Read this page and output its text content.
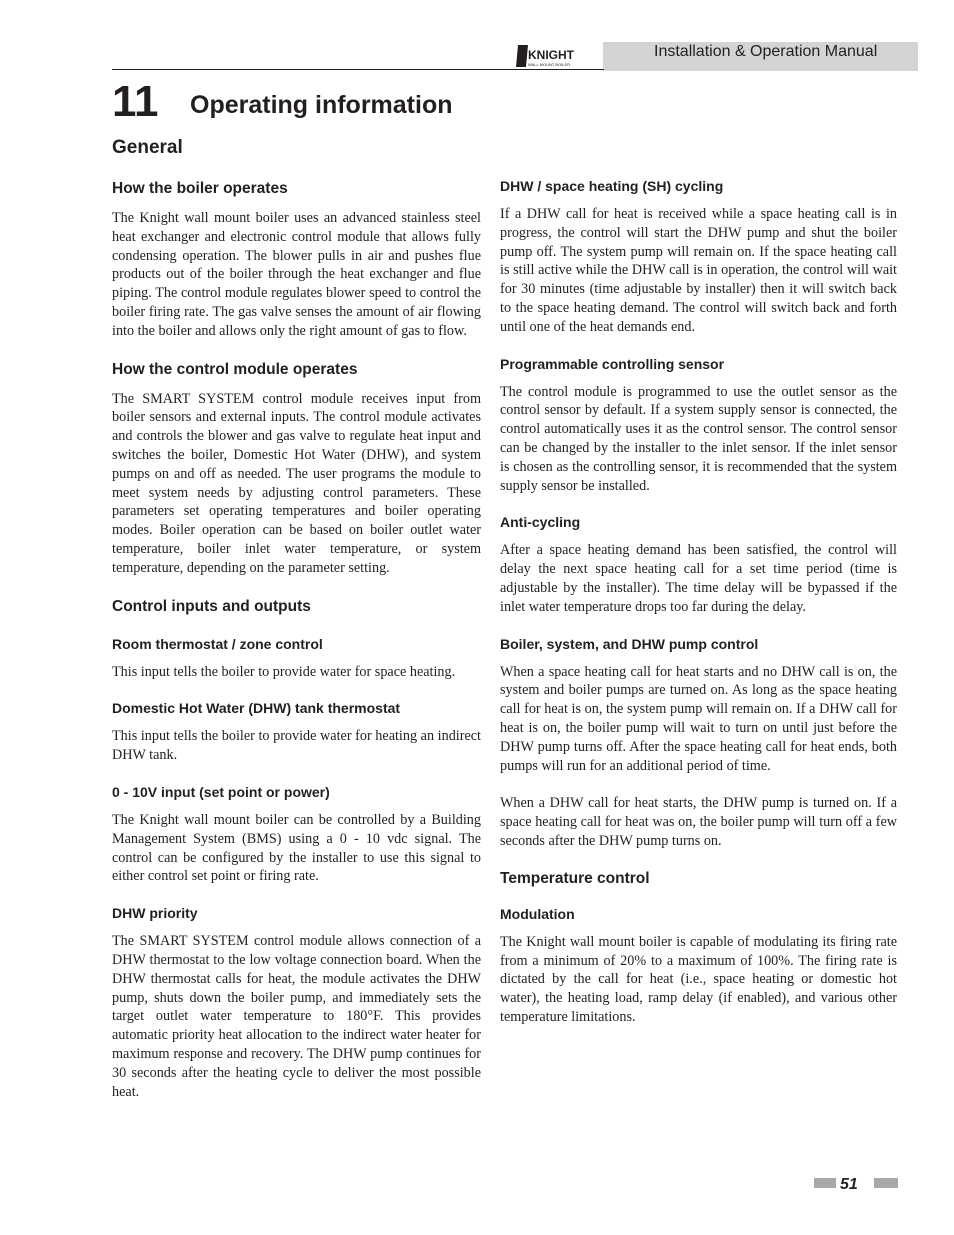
KNIGHT
WALL MOUNT BOILER
Installation & Operation Manual
11 Operating information
General
How the boiler operates

The Knight wall mount boiler uses an advanced stainless steel heat exchanger and electronic control module that allows fully condensing operation. The blower pulls in air and pushes flue products out of the boiler through the heat exchanger and flue piping. The control module regulates blower speed to control the boiler firing rate. The gas valve senses the amount of air flowing into the boiler and allows only the right amount of gas to flow.

How the control module operates

The SMART SYSTEM control module receives input from boiler sensors and external inputs. The control module activates and controls the blower and gas valve to regulate heat input and switches the boiler, Domestic Hot Water (DHW), and system pumps on and off as needed. The user programs the module to meet system needs by adjusting control parameters. These parameters set operating temperatures and boiler operating modes. Boiler operation can be based on boiler outlet water temperature, boiler inlet water temperature, or system temperature, depending on the parameter setting.

Control inputs and outputs
Room thermostat / zone control

This input tells the boiler to provide water for space heating.

Domestic Hot Water (DHW) tank thermostat

This input tells the boiler to provide water for heating an indirect DHW tank.

0 - 10V input (set point or power)

The Knight wall mount boiler can be controlled by a Building Management System (BMS) using a 0 - 10 vdc signal. The control can be configured by the installer to use this signal to either control set point or firing rate.

DHW priority

The SMART SYSTEM control module allows connection of a DHW thermostat to the low voltage connection board. When the DHW thermostat calls for heat, the module activates the DHW pump, shuts down the boiler pump, and immediately sets the target outlet water temperature to 180°F. This provides automatic priority heat allocation to the indirect water heater for maximum response and recovery. The DHW pump continues for 30 seconds after the heating cycle to deliver the most possible heat.

DHW / space heating (SH) cycling

If a DHW call for heat is received while a space heating call is in progress, the control will start the DHW pump and shut the boiler pump off. The system pump will remain on. If the space heating call is still active while the DHW call is in operation, the control will wait for 30 minutes (time adjustable by installer) then it will switch back to the space heating demand. The control will switch back and forth until one of the heat demands end.

Programmable controlling sensor

The control module is programmed to use the outlet sensor as the control sensor by default. If a system supply sensor is connected, the control automatically uses it as the control sensor. The control sensor can be changed by the installer to the inlet sensor. If the inlet sensor is chosen as the controlling sensor, it is recommended that the system supply sensor be installed.

Anti-cycling

After a space heating demand has been satisfied, the control will delay the next space heating call for a set time period (time is adjustable by the installer). The time delay will be bypassed if the inlet water temperature drops too far during the delay.

Boiler, system, and DHW pump control

When a space heating call for heat starts and no DHW call is on, the system and boiler pumps are turned on. As long as the space heating call for heat is on, the system pump will remain on. If a DHW call for heat is on, the boiler pump will wait to turn on until just before the DHW pump turns off. After the space heating call for heat ends, both pumps will run for an additional period of time.

When a DHW call for heat starts, the DHW pump is turned on. If a space heating call for heat was on, the boiler pump will turn off a few seconds after the DHW pump turns on.

Temperature control
Modulation

The Knight wall mount boiler is capable of modulating its firing rate from a minimum of 20% to a maximum of 100%. The firing rate is dictated by the call for heat (i.e., space heating or domestic hot water), the heating load, ramp delay (if enabled), and various other temperature limitations.

51
